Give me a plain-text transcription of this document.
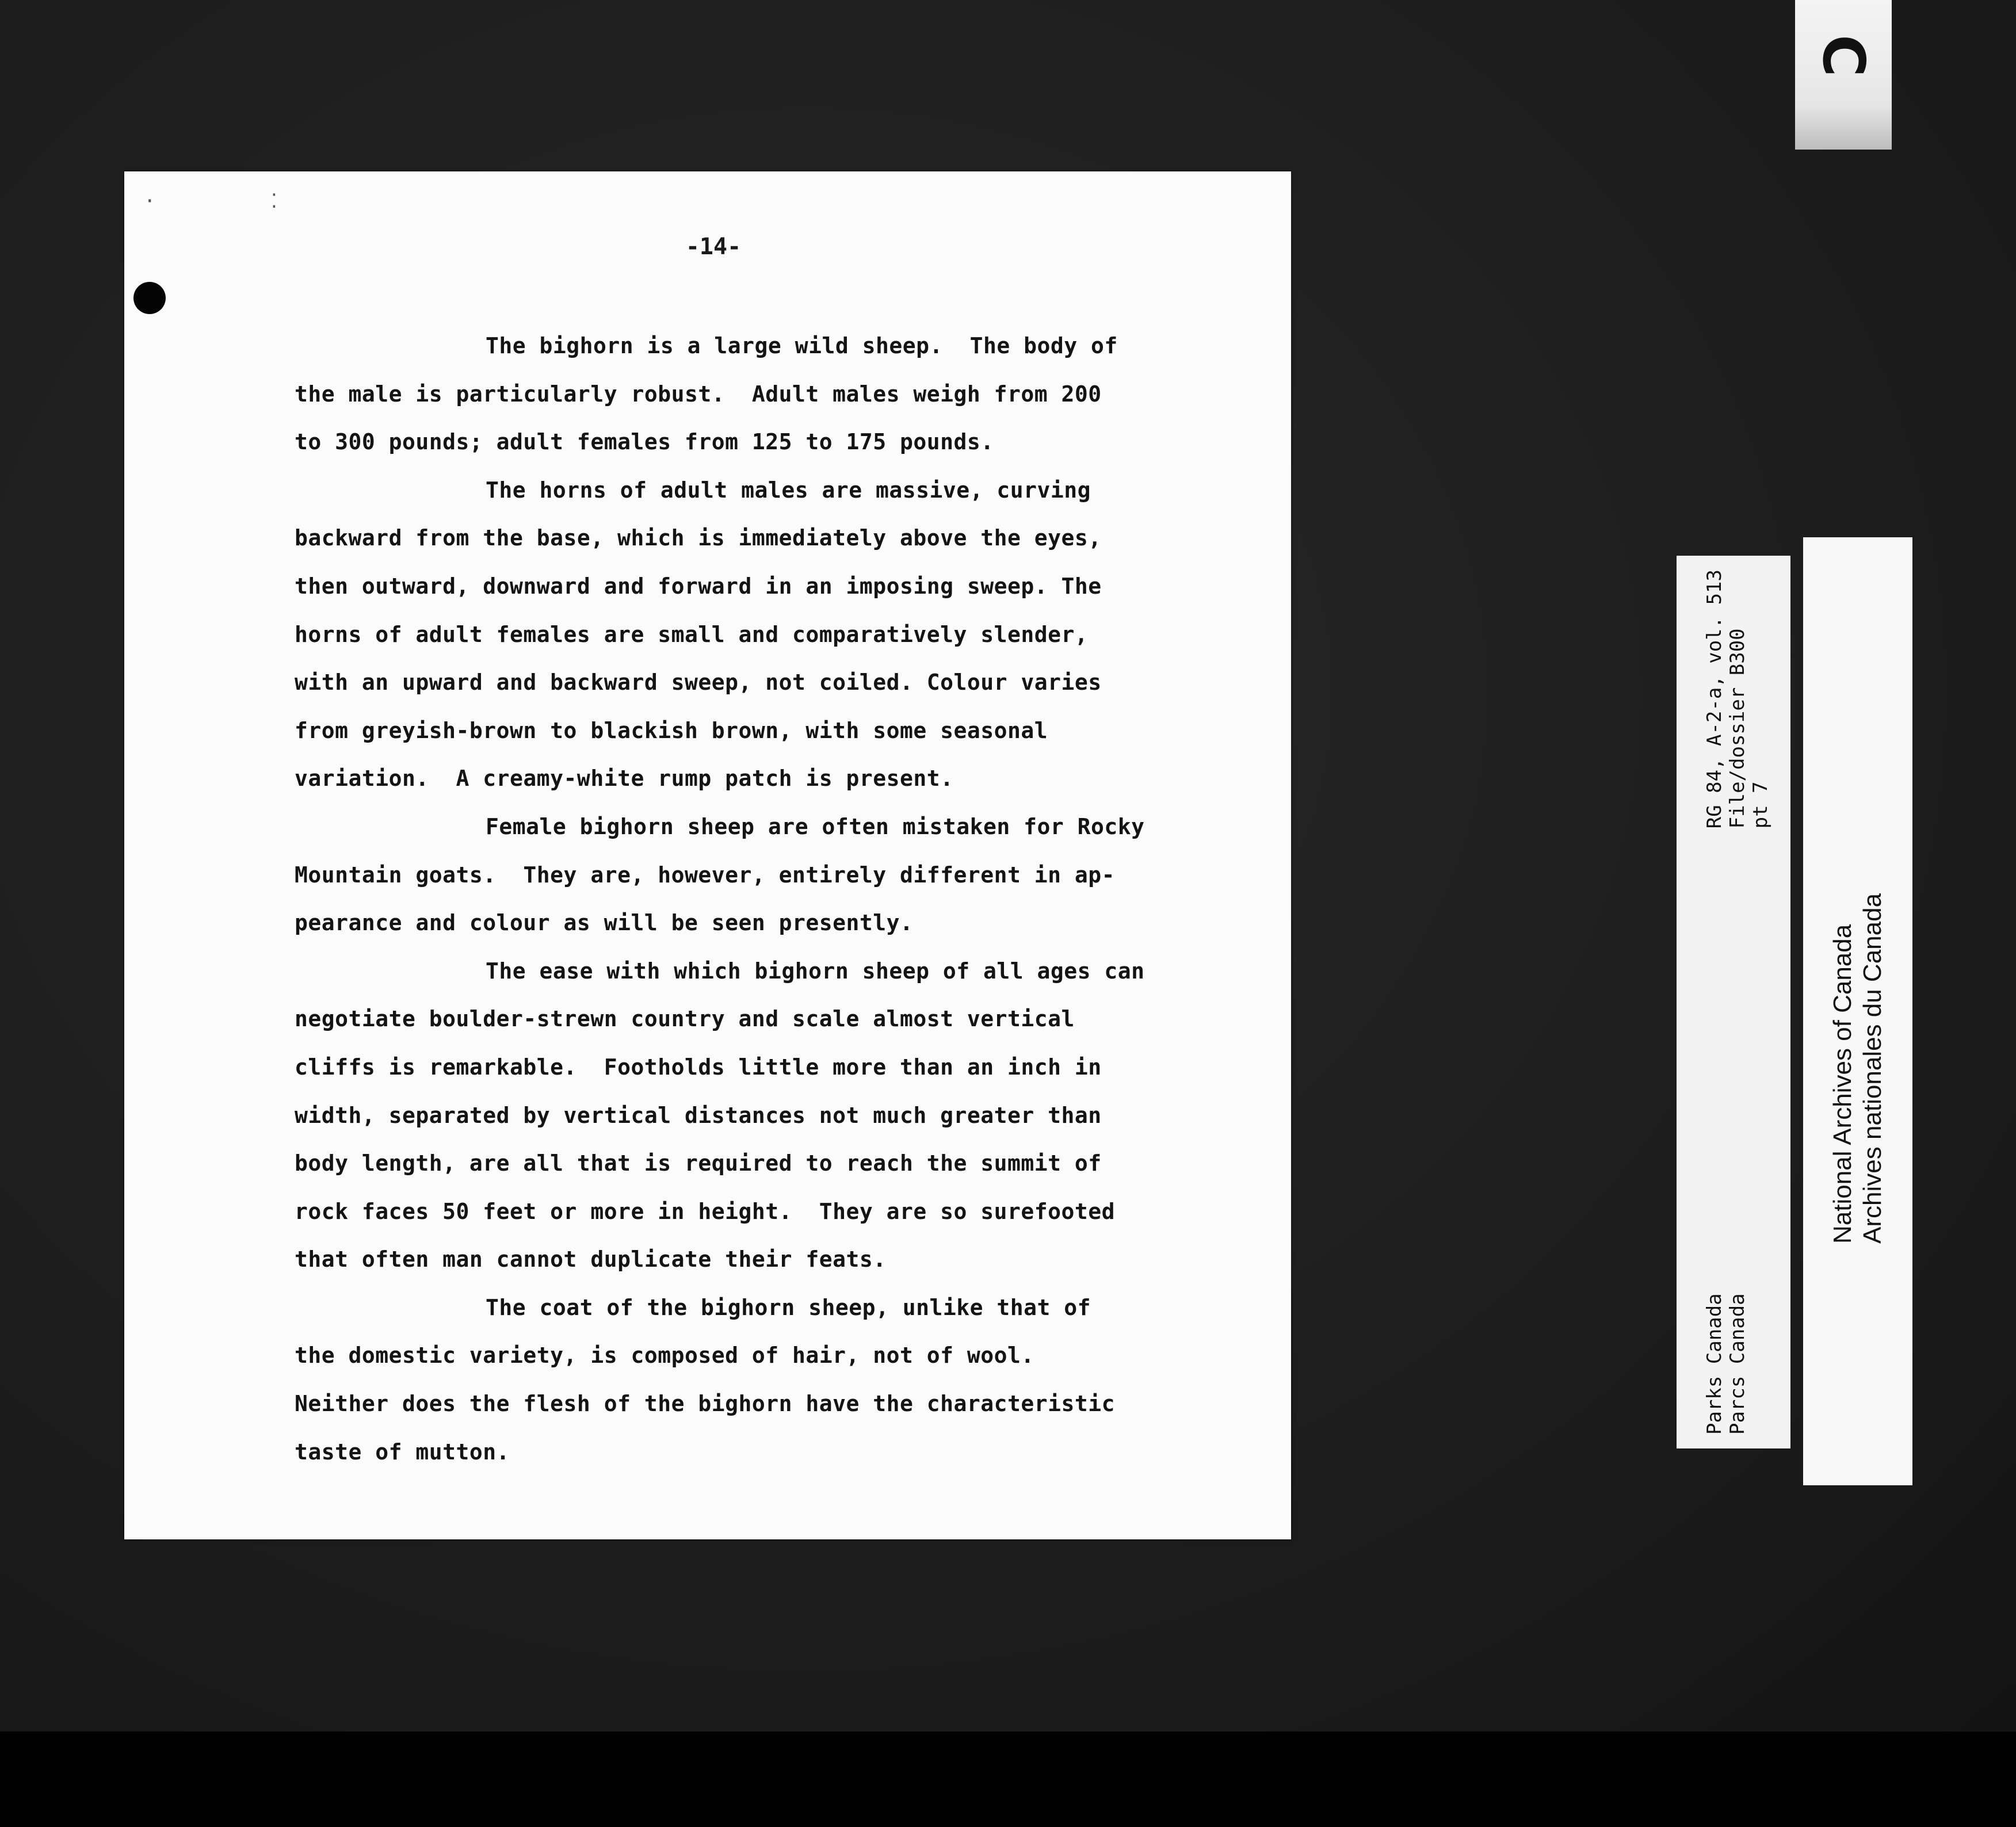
· ⁚
-14-
The bighorn is a large wild sheep.  The body of
the male is particularly robust.  Adult males weigh from 200
to 300 pounds; adult females from 125 to 175 pounds.
The horns of adult males are massive, curving
backward from the base, which is immediately above the eyes,
then outward, downward and forward in an imposing sweep. The
horns of adult females are small and comparatively slender,
with an upward and backward sweep, not coiled. Colour varies
from greyish-brown to blackish brown, with some seasonal
variation.  A creamy-white rump patch is present.
Female bighorn sheep are often mistaken for Rocky
Mountain goats.  They are, however, entirely different in ap-
pearance and colour as will be seen presently.
The ease with which bighorn sheep of all ages can
negotiate boulder-strewn country and scale almost vertical
cliffs is remarkable.  Footholds little more than an inch in
width, separated by vertical distances not much greater than
body length, are all that is required to reach the summit of
rock faces 50 feet or more in height.  They are so surefooted
that often man cannot duplicate their feats.
The coat of the bighorn sheep, unlike that of
the domestic variety, is composed of hair, not of wool.
Neither does the flesh of the bighorn have the characteristic
taste of mutton.
C
Parks Canada Parcs Canada
RG 84, A-2-a, vol. 513 File/dossier B300 pt 7
National Archives of Canada Archives nationales du Canada
